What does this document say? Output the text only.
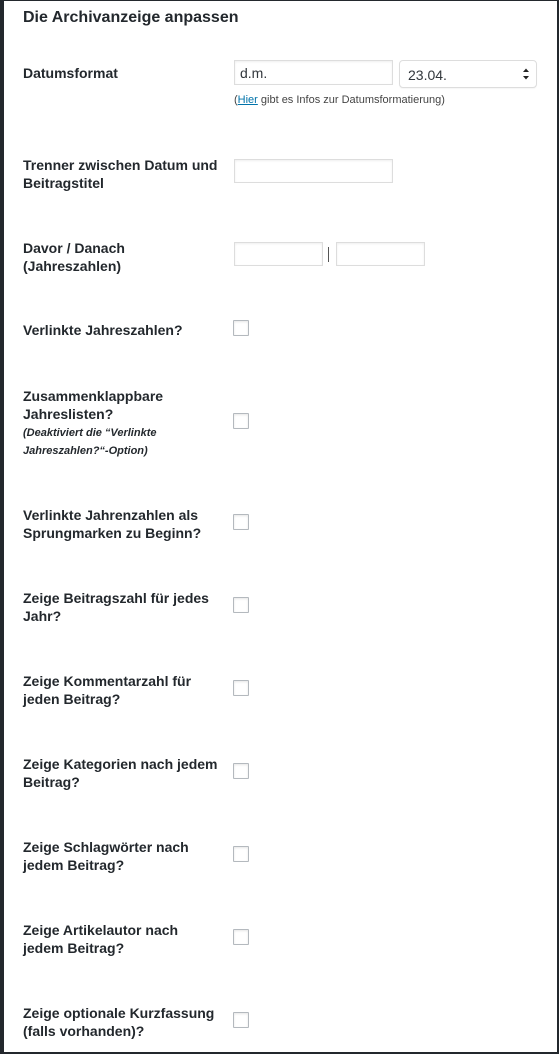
Die Archivanzeige anpassen
Datumsformat
d.m.	23.04.
(Hier gibt es Infos zur Datumsformatierung)
Trenner zwischen Datum und
Beitragstitel
Davor / Danach
(Jahreszahlen)
Verlinkte Jahreszahlen?
Zusammenklappbare
Jahreslisten?
(Deaktiviert die “Verlinkte
Jahreszahlen?“-Option)
Verlinkte Jahrenzahlen als
Sprungmarken zu Beginn?
Zeige Beitragszahl für jedes
Jahr?
Zeige Kommentarzahl für
jeden Beitrag?
Zeige Kategorien nach jedem
Beitrag?
Zeige Schlagwörter nach
jedem Beitrag?
Zeige Artikelautor nach
jedem Beitrag?
Zeige optionale Kurzfassung
(falls vorhanden)?
